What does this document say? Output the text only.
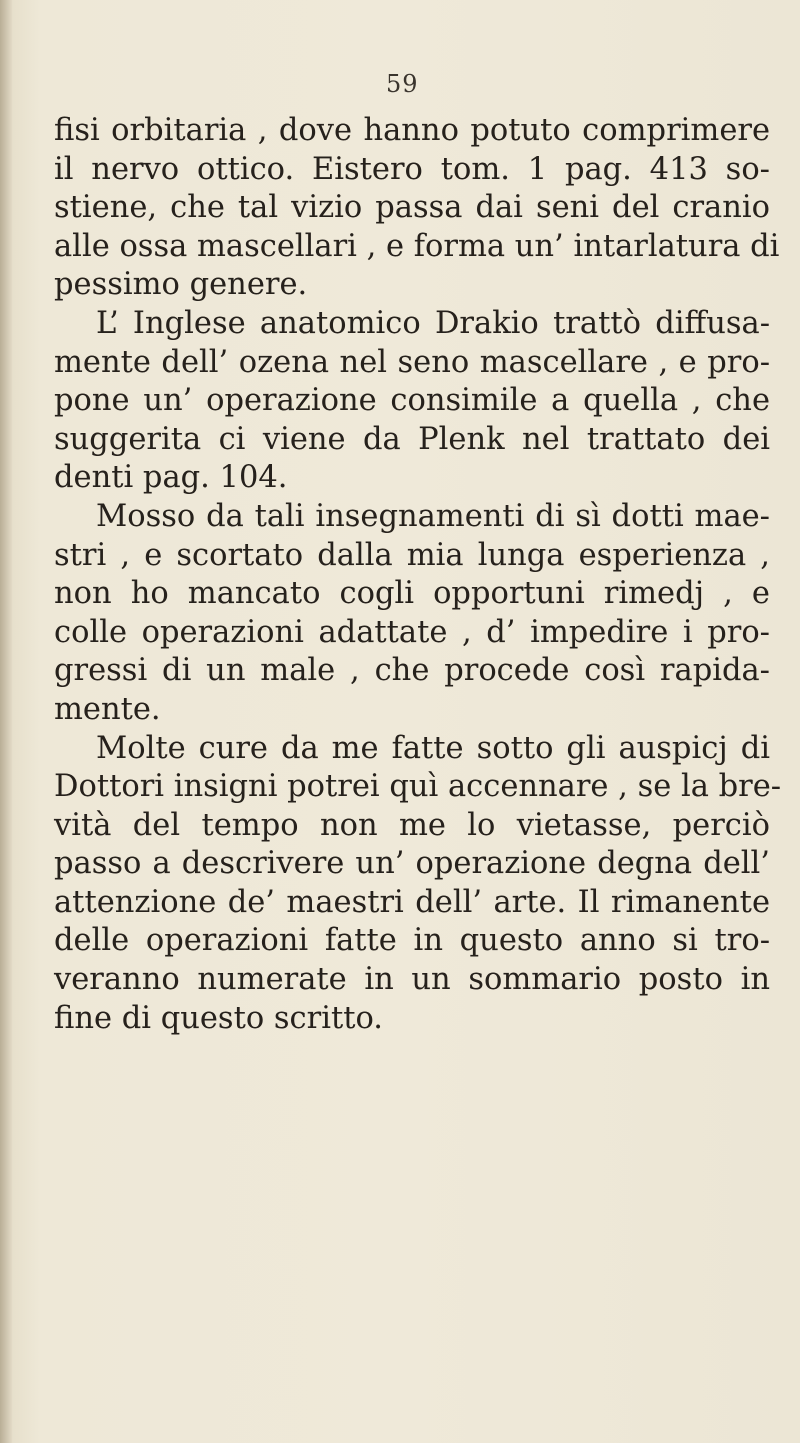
59
fisi orbitaria , dove hanno potuto comprimere
il nervo ottico. Eistero tom. 1 pag. 413 so-
stiene, che tal vizio passa dai seni del cranio
alle ossa mascellari , e forma un’ intarlatura di
pessimo genere.
L’ Inglese anatomico Drakio trattò diffusa-
mente dell’ ozena nel seno mascellare , e pro-
pone un’ operazione consimile a quella , che
suggerita ci viene da Plenk nel trattato dei
denti pag. 104.
Mosso da tali insegnamenti di sì dotti mae-
stri , e scortato dalla mia lunga esperienza ,
non ho mancato cogli opportuni rimedj , e
colle operazioni adattate , d’ impedire i pro-
gressi di un male , che procede così rapida-
mente.
Molte cure da me fatte sotto gli auspicj di
Dottori insigni potrei quì accennare , se la bre-
vità del tempo non me lo vietasse, perciò
passo a descrivere un’ operazione degna dell’
attenzione de’ maestri dell’ arte. Il rimanente
delle operazioni fatte in questo anno si tro-
veranno numerate in un sommario posto in
fine di questo scritto.
